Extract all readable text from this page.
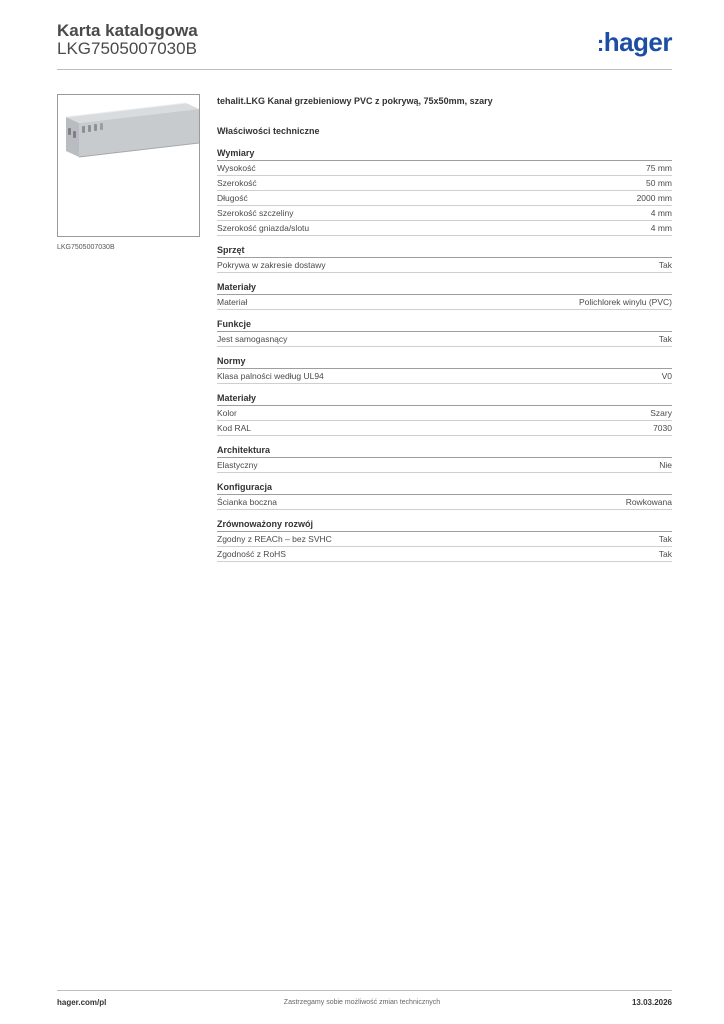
Karta katalogowa
LKG7505007030B	:hager
LKG7505007030B
tehalit.LKG Kanał grzebieniowy PVC z pokrywą, 75x50mm, szary
Właściwości techniczne
Wymiary
Wysokość	75 mm
Szerokość	50 mm
Długość	2000 mm
Szerokość szczeliny	4 mm
Szerokość gniazda/slotu	4 mm
Sprzęt
Pokrywa w zakresie dostawy	Tak
Materiały
Materiał	Polichlorek winylu (PVC)
Funkcje
Jest samogasnący	Tak
Normy
Klasa palności według UL94	V0
Materiały
Kolor	Szary
Kod RAL	7030
Architektura
Elastyczny	Nie
Konfiguracja
Ścianka boczna	Rowkowana
Zrównoważony rozwój
Zgodny z REACh – bez SVHC	Tak
Zgodność z RoHS	Tak
hager.com/pl	Zastrzegamy sobie możliwość zmian technicznych	13.03.2026
